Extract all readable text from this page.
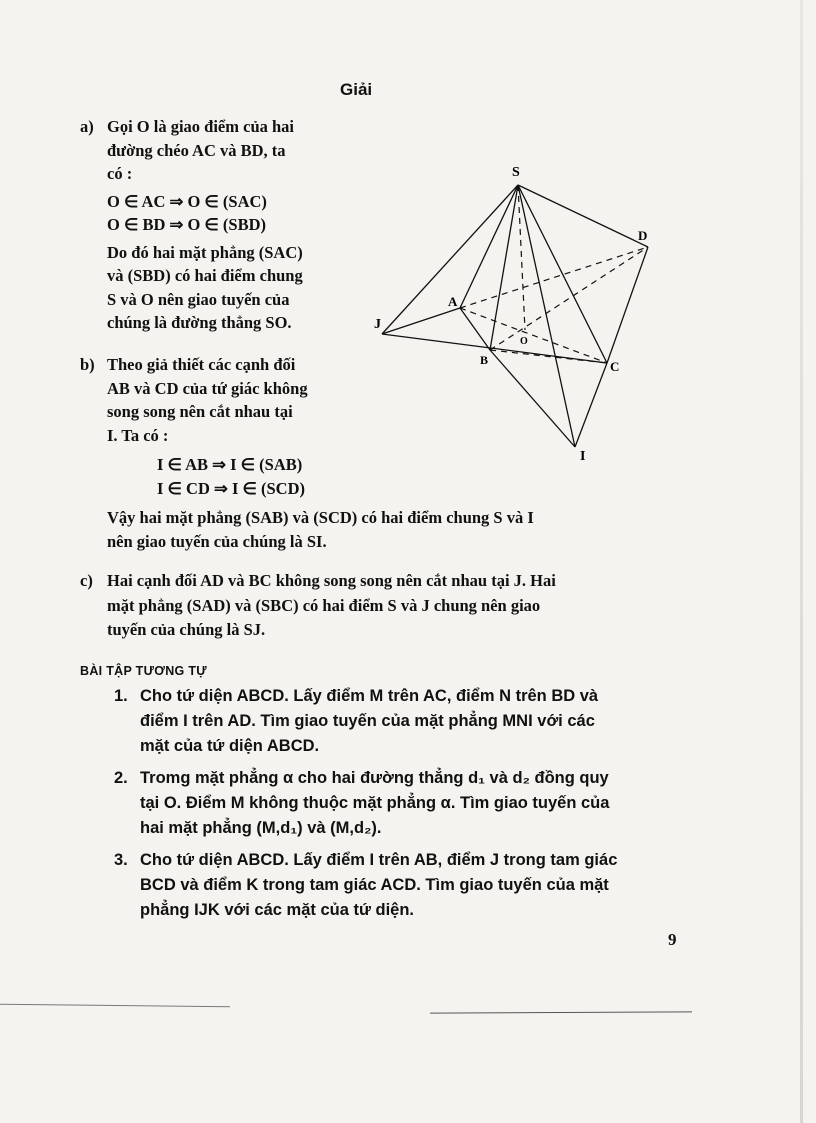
Giải
a) Gọi O là giao điểm của hai
đường chéo AC và BD, ta
có :
O ∈ AC ⇒ O ∈ (SAC)
O ∈ BD ⇒ O ∈ (SBD)
Do đó hai mặt phẳng (SAC)
và (SBD) có hai điểm chung
S và O nên giao tuyến của
chúng là đường thẳng SO.
b) Theo giả thiết các cạnh đối
AB và CD của tứ giác không
song song nên cắt nhau tại
I. Ta có :
I ∈ AB ⇒ I ∈ (SAB)
I ∈ CD ⇒ I ∈ (SCD)
Vậy hai mặt phẳng (SAB) và (SCD) có hai điểm chung S và I
nên giao tuyến của chúng là SI.
c) Hai cạnh đối AD và BC không song song nên cắt nhau tại J. Hai
mặt phẳng (SAD) và (SBC) có hai điểm S và J chung nên giao
tuyến của chúng là SJ.
S
D
A
J
O
B	C
I
BÀI TẬP TƯƠNG TỰ
1. Cho tứ diện ABCD. Lấy điểm M trên AC, điểm N trên BD và
điểm I trên AD. Tìm giao tuyến của mặt phẳng MNI với các
mặt của tứ diện ABCD.
2. Tromg mặt phẳng α cho hai đường thẳng d₁ và d₂ đồng quy
tại O. Điểm M không thuộc mặt phẳng α. Tìm giao tuyến của
hai mặt phẳng (M,d₁) và (M,d₂).
3. Cho tứ diện ABCD. Lấy điểm I trên AB, điểm J trong tam giác
BCD và điểm K trong tam giác ACD. Tìm giao tuyến của mặt
phẳng IJK với các mặt của tứ diện.
9
